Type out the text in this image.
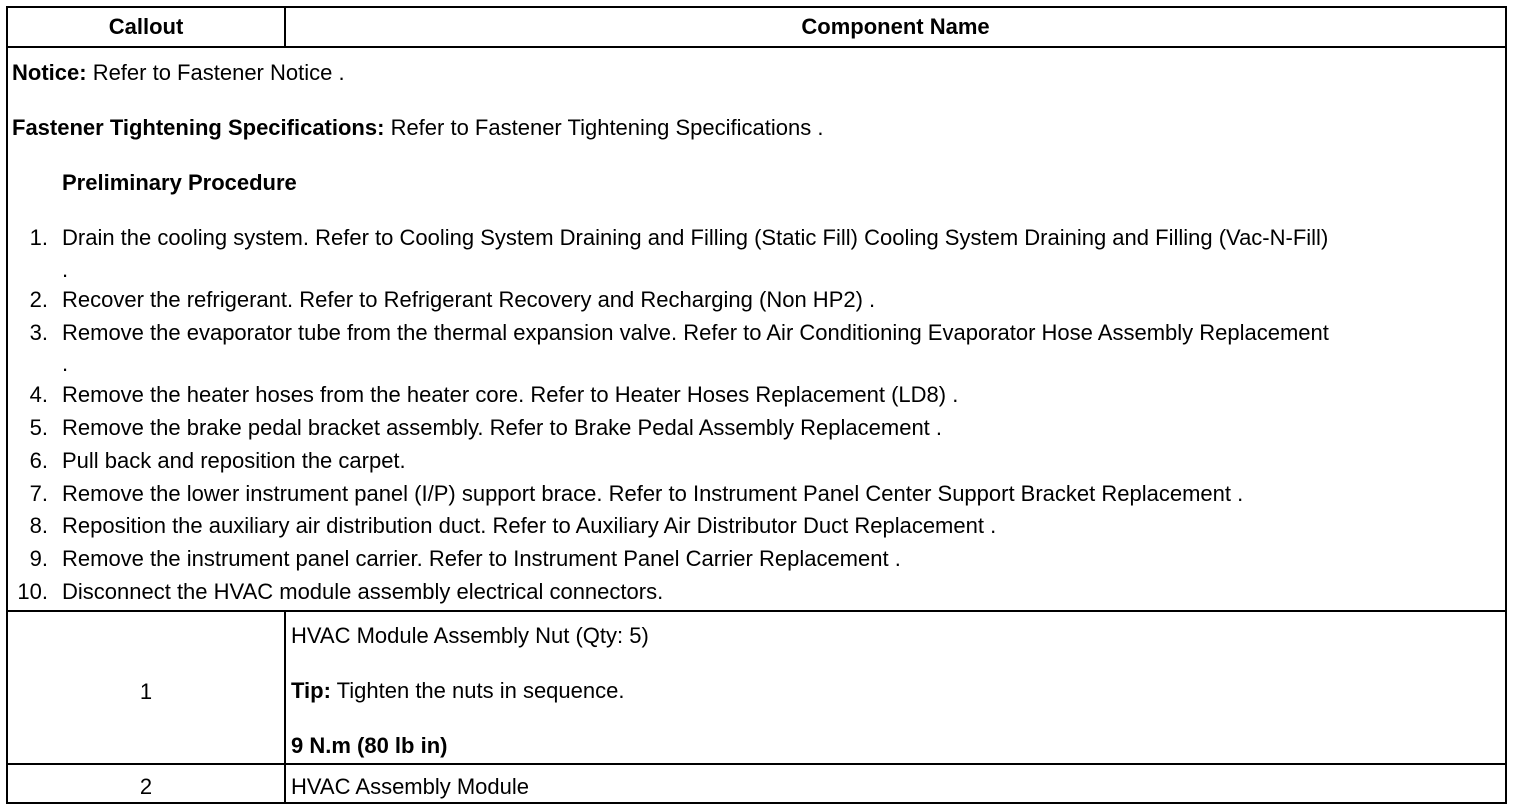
Callout	Component Name
Notice: Refer to Fastener Notice .
Fastener Tightening Specifications: Refer to Fastener Tightening Specifications .
Preliminary Procedure
1. Drain the cooling system. Refer to Cooling System Draining and Filling (Static Fill) Cooling System Draining and Filling (Vac-N-Fill)
.
2. Recover the refrigerant. Refer to Refrigerant Recovery and Recharging (Non HP2) .
3. Remove the evaporator tube from the thermal expansion valve. Refer to Air Conditioning Evaporator Hose Assembly Replacement
.
4. Remove the heater hoses from the heater core. Refer to Heater Hoses Replacement (LD8) .
5. Remove the brake pedal bracket assembly. Refer to Brake Pedal Assembly Replacement .
6. Pull back and reposition the carpet.
7. Remove the lower instrument panel (I/P) support brace. Refer to Instrument Panel Center Support Bracket Replacement .
8. Reposition the auxiliary air distribution duct. Refer to Auxiliary Air Distributor Duct Replacement .
9. Remove the instrument panel carrier. Refer to Instrument Panel Carrier Replacement .
10. Disconnect the HVAC module assembly electrical connectors.
1
HVAC Module Assembly Nut (Qty: 5)
Tip: Tighten the nuts in sequence.
9 N.m (80 lb in)
2	HVAC Assembly Module
